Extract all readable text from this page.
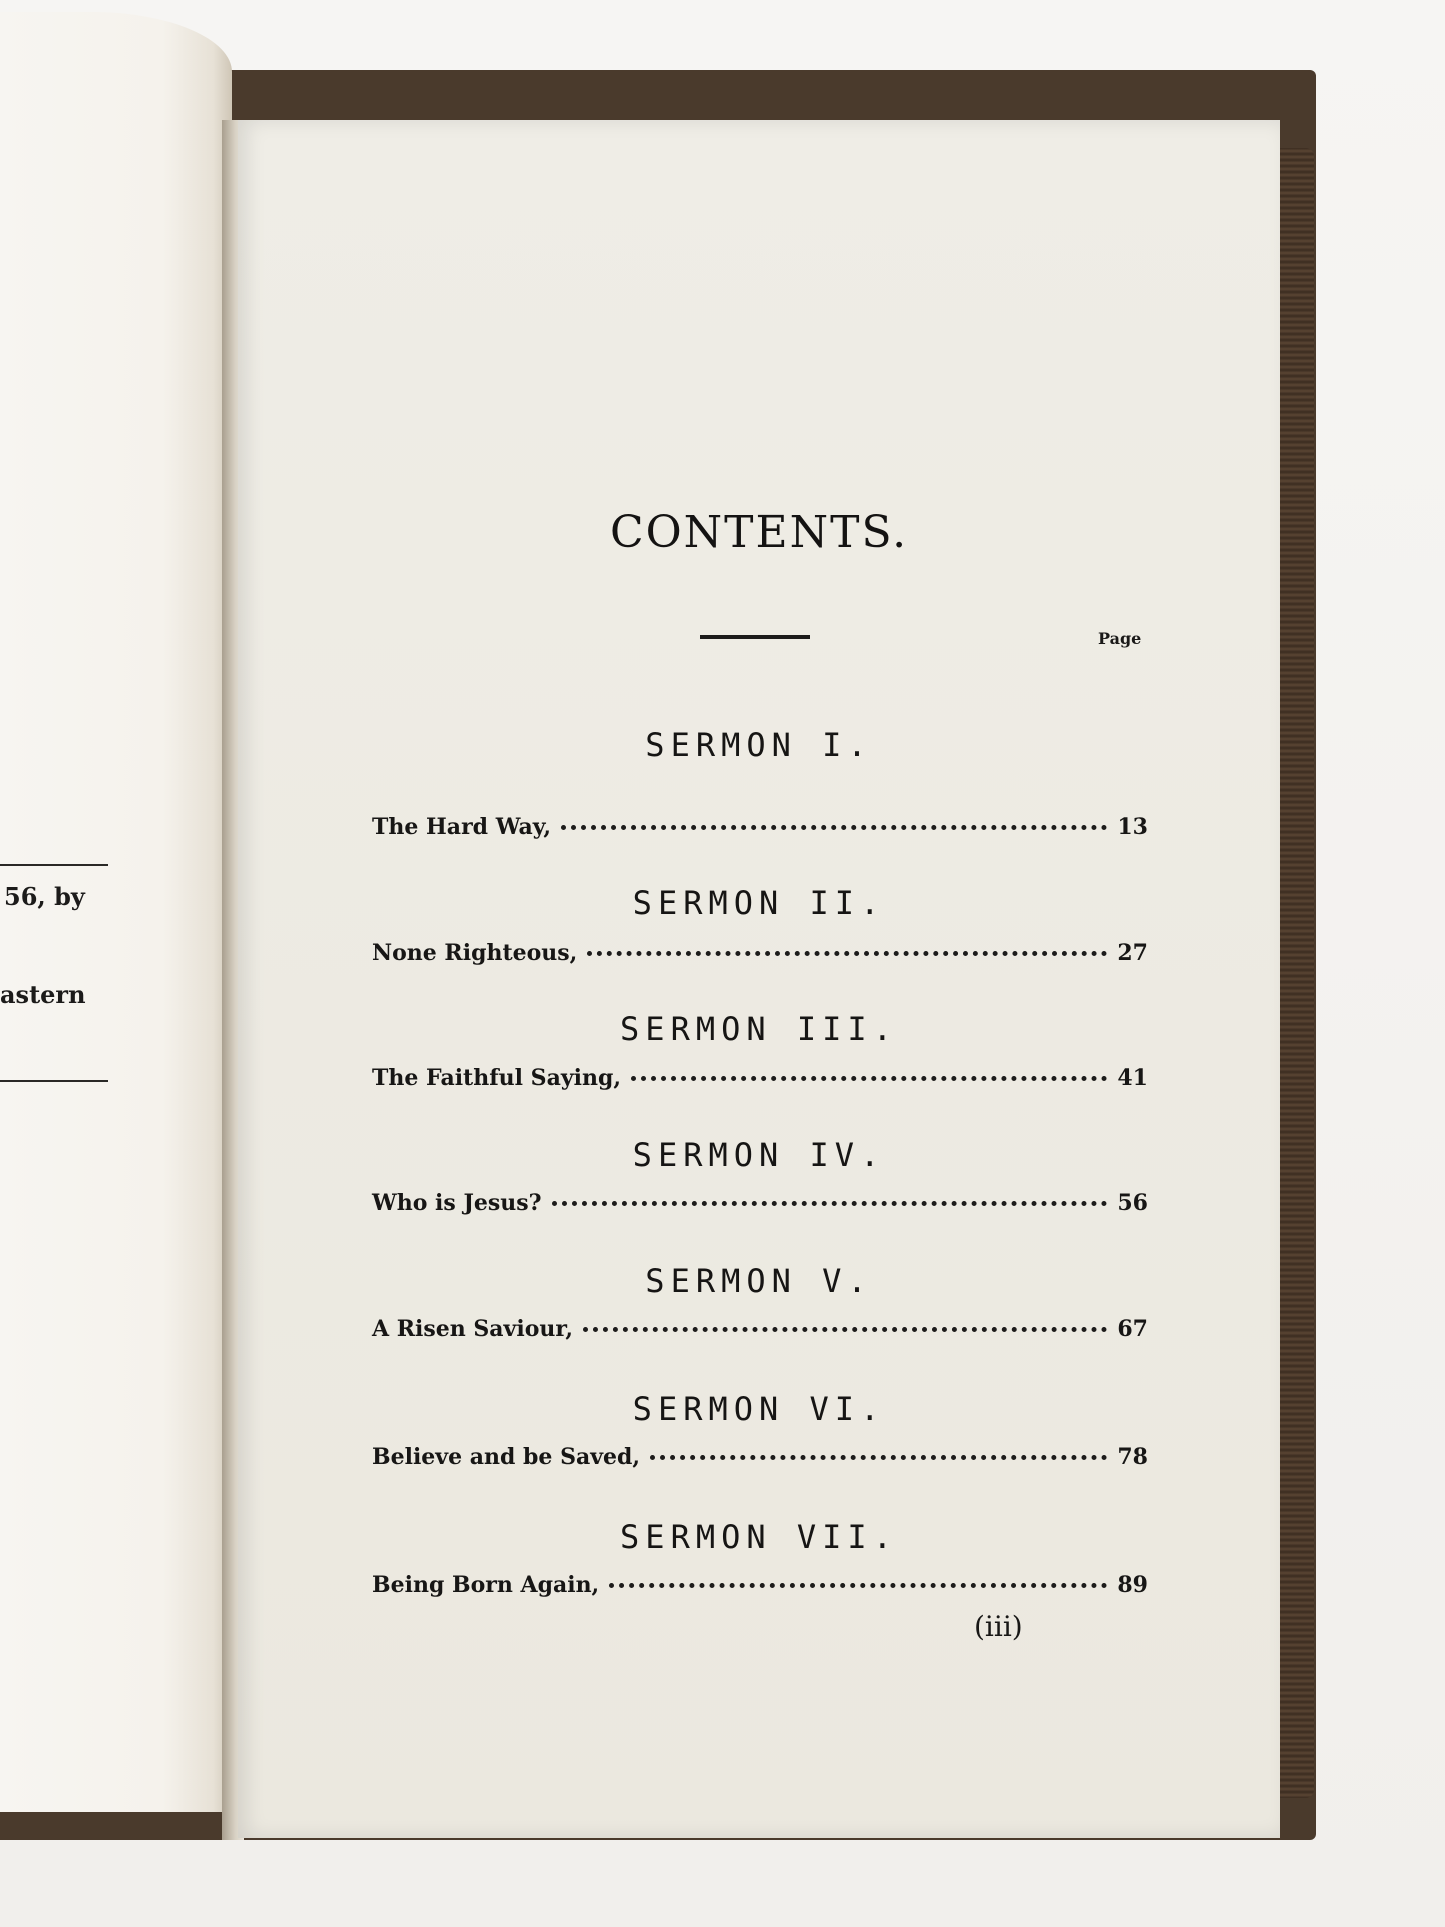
56, by
astern

CONTENTS.
SERMON I.
Page
The Hard Way,	13
SERMON II.
None Righteous,	27
SERMON III.
The Faithful Saying,	41
SERMON IV.
Who is Jesus?	56
SERMON V.
A Risen Saviour,	67
SERMON VI.
Believe and be Saved,	78
SERMON VII.
Being Born Again,	89
(iii)
